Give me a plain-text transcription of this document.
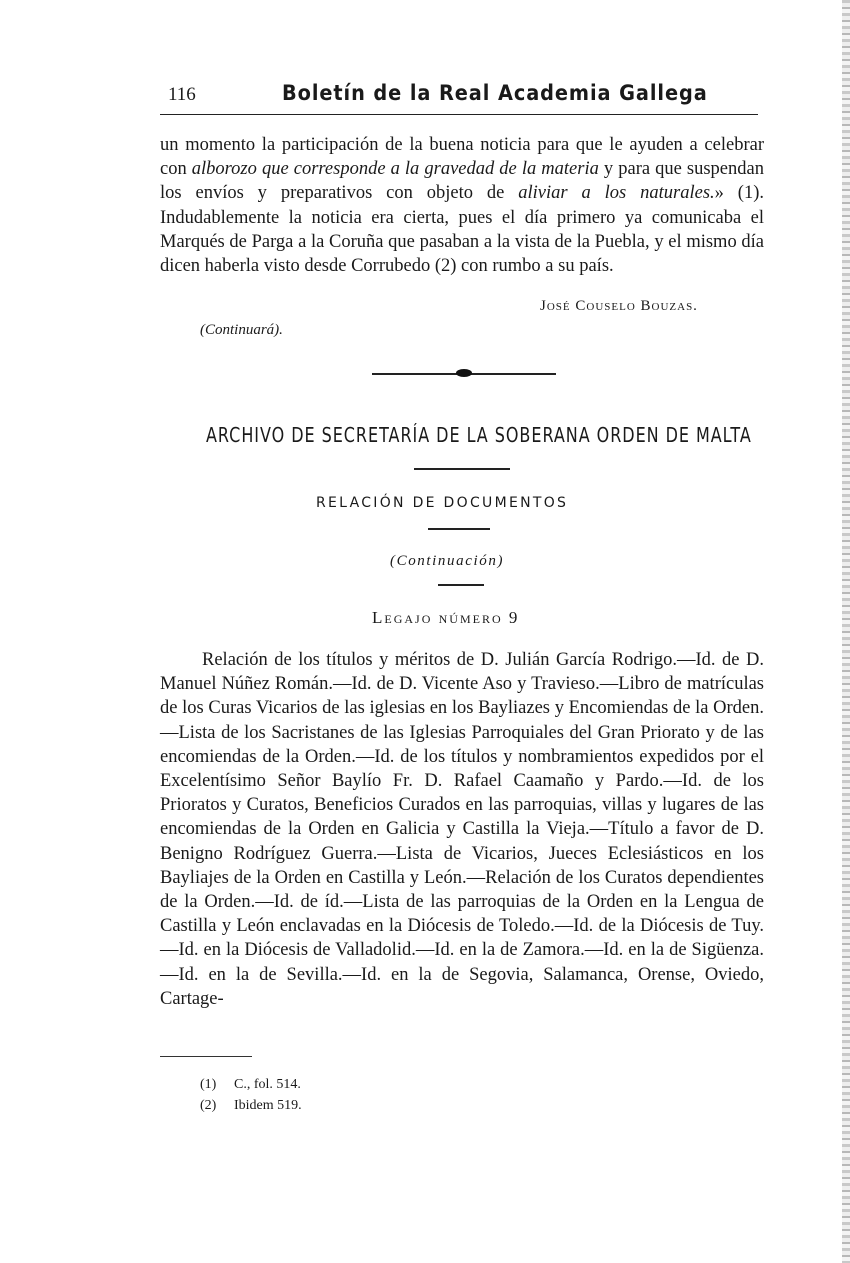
116	Boletín de la Real Academia Gallega

un momento la participación de la buena noticia para que le ayuden a celebrar con alborozo que corresponde a la gravedad de la materia y para que suspendan los envíos y preparativos con objeto de aliviar a los naturales.» (1). Indudablemente la noticia era cierta, pues el día primero ya comunicaba el Marqués de Parga a la Coruña que pasaban a la vista de la Puebla, y el mismo día dicen haberla visto desde Corrubedo (2) con rumbo a su país.

José Couselo Bouzas.
(Continuará).
ARCHIVO DE SECRETARÍA DE LA SOBERANA ORDEN DE MALTA
RELACIÓN DE DOCUMENTOS
(Continuación)
Legajo número 9

Relación de los títulos y méritos de D. Julián García Rodrigo.—Id. de D. Manuel Núñez Román.—Id. de D. Vicente Aso y Travieso.—Libro de matrículas de los Curas Vicarios de las iglesias en los Bayliazes y Encomiendas de la Orden.—Lista de los Sacristanes de las Iglesias Parroquiales del Gran Priorato y de las encomiendas de la Orden.—Id. de los títulos y nombramientos expedidos por el Excelentísimo Señor Baylío Fr. D. Rafael Caamaño y Pardo.—Id. de los Prioratos y Curatos, Beneficios Curados en las parroquias, villas y lugares de las encomiendas de la Orden en Galicia y Castilla la Vieja.—Título a favor de D. Benigno Rodríguez Guerra.—Lista de Vicarios, Jueces Eclesiásticos en los Bayliajes de la Orden en Castilla y León.—Relación de los Curatos dependientes de la Orden.—Id. de íd.—Lista de las parroquias de la Orden en la Lengua de Castilla y León enclavadas en la Diócesis de Toledo.—Id. de la Diócesis de Tuy.—Id. en la Diócesis de Valladolid.—Id. en la de Zamora.—Id. en la de Sigüenza.—Id. en la de Sevilla.—Id. en la de Segovia, Salamanca, Orense, Oviedo, Cartage-

(1)	C., fol. 514.
(2)	Ibidem 519.
